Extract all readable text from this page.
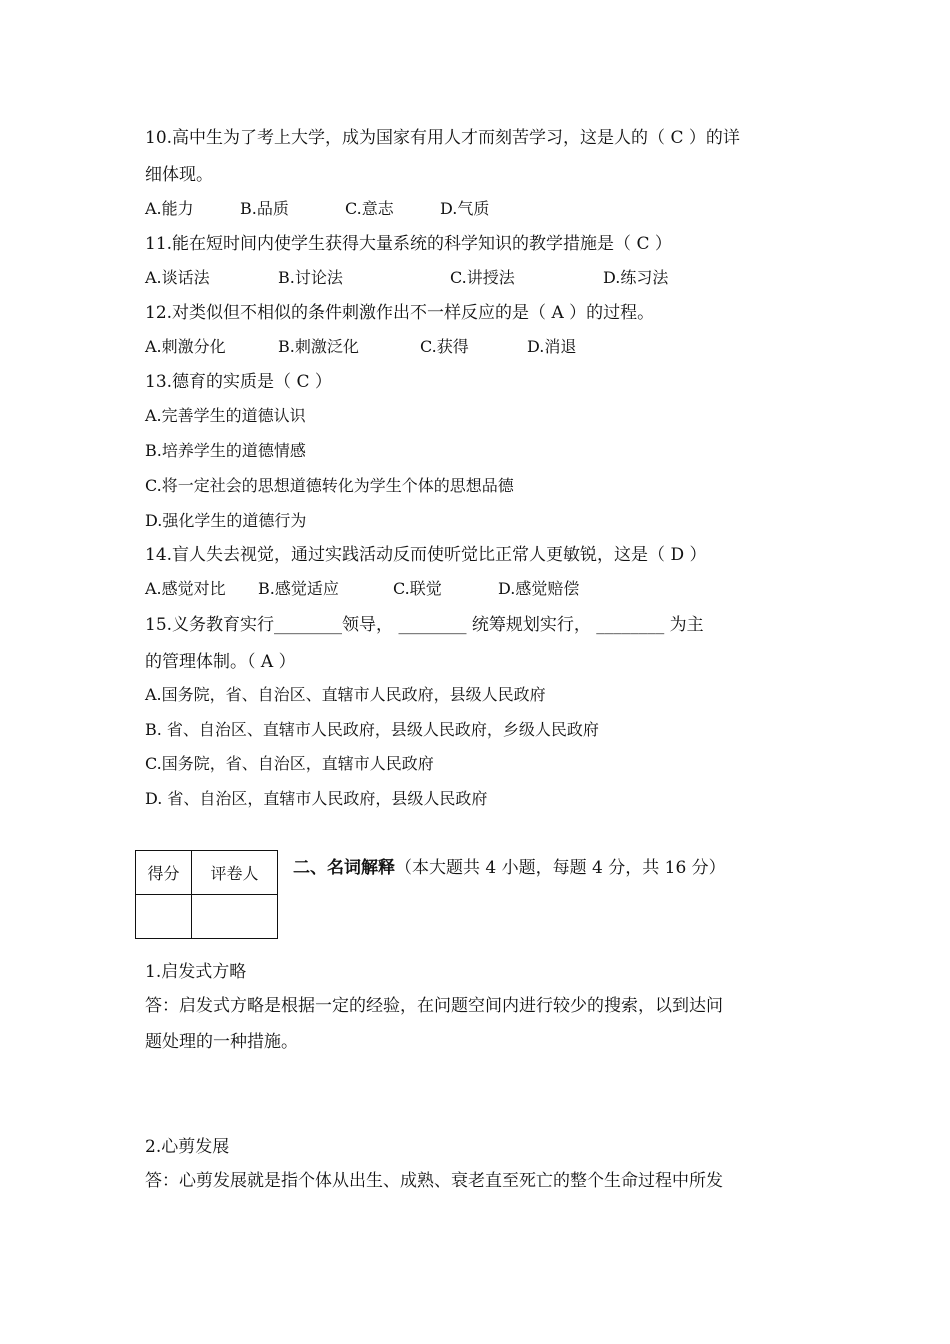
10.高中生为了考上大学，成为国家有用人才而刻苦学习，这是人的（ C ）的详
细体现。
A.能力	B.品质	C.意志	D.气质
11.能在短时间内使学生获得大量系统的科学知识的教学措施是（ C ）
A.谈话法	B.讨论法	C.讲授法	D.练习法
12.对类似但不相似的条件刺激作出不一样反应的是（ A ）的过程。
A.刺激分化	B.刺激泛化	C.获得	D.消退
13.德育的实质是（ C ）
A.完善学生的道德认识
B.培养学生的道德情感
C.将一定社会的思想道德转化为学生个体的思想品德
D.强化学生的道德行为
14.盲人失去视觉，通过实践活动反而使听觉比正常人更敏锐，这是（ D ）
A.感觉对比 B.感觉适应	C.联觉	D.感觉赔偿
15.义务教育实行________领导， ________ 统筹规划实行， ________ 为主
的管理体制。（ A ）
A.国务院，省、自治区、直辖市人民政府，县级人民政府
B. 省、自治区、直辖市人民政府，县级人民政府，乡级人民政府
C.国务院，省、自治区，直辖市人民政府
D. 省、自治区，直辖市人民政府，县级人民政府
得分	评卷人
	二、名词解释（本大题共 4 小题，每题 4 分，共 16 分）
1.启发式方略
答：启发式方略是根据一定的经验，在问题空间内进行较少的搜索，以到达问
题处理的一种措施。
2.心剪发展
答：心剪发展就是指个体从出生、成熟、衰老直至死亡的整个生命过程中所发
